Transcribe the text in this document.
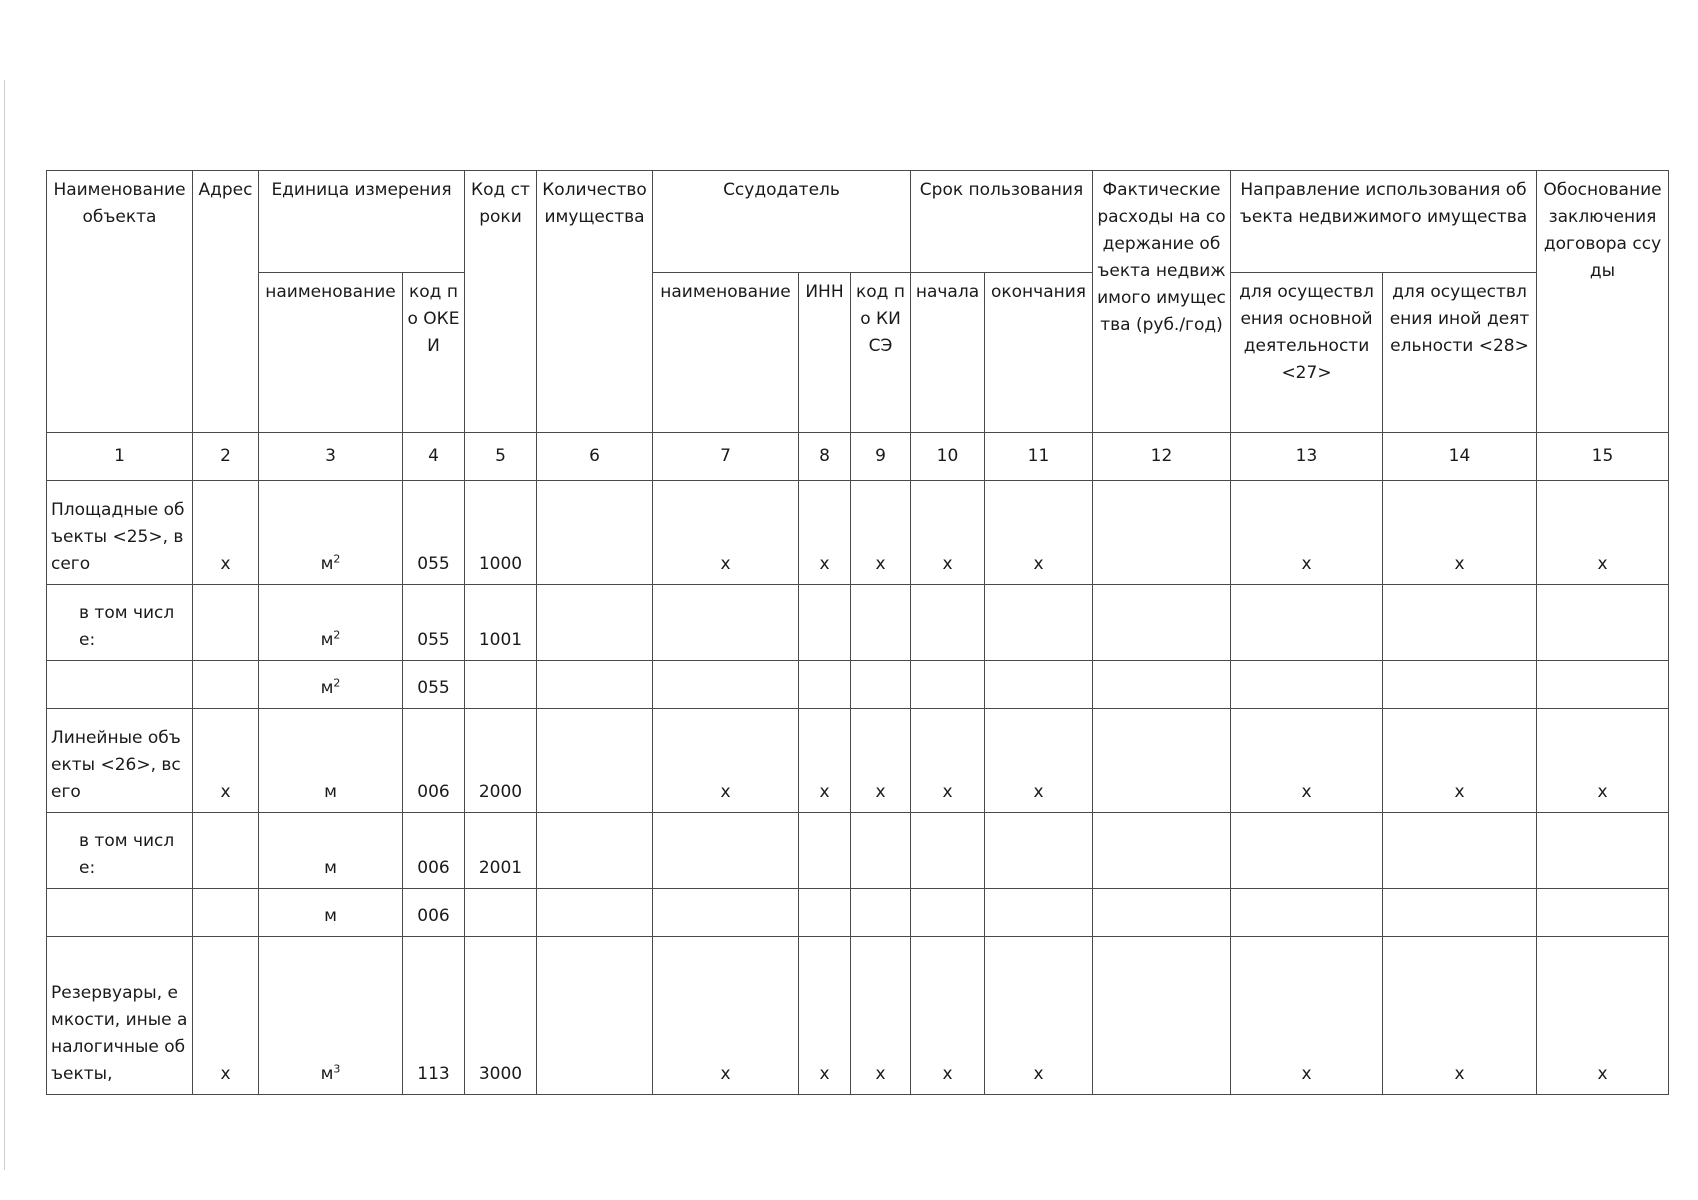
Наименование объекта	Адрес	Единица измерения		Код строки	Количество имущества	Ссудодатель			Срок пользования		Фактические расходы на содержание объекта недвижимого имущества (руб./год)	Направление использования объекта недвижимого имущества		Обоснование заключения договора ссуды
		наименование	код по ОКЕИ			наименование	ИНН	код по КИСЭ	начала	окончания		для осуществления основной деятельности <27>	для осуществления иной деятельности <28>	
1	2	3	4	5	6	7	8	9	10	11	12	13	14	15
Площадные объекты <25>, всего	х	$м^2$	055	1000		х	х	х	х	х		х	х	х
в том числе:		$м^2$	055	1001										
		$м^2$	055											
Линейные объекты <26>, всего	х	м	006	2000		х	х	х	х	х		х	х	х
в том числе:		м	006	2001										
		м	006											
Резервуары, емкости, иные аналогичные объекты,	х	$м^3$	113	3000		х	х	х	х	х		х	х	х
